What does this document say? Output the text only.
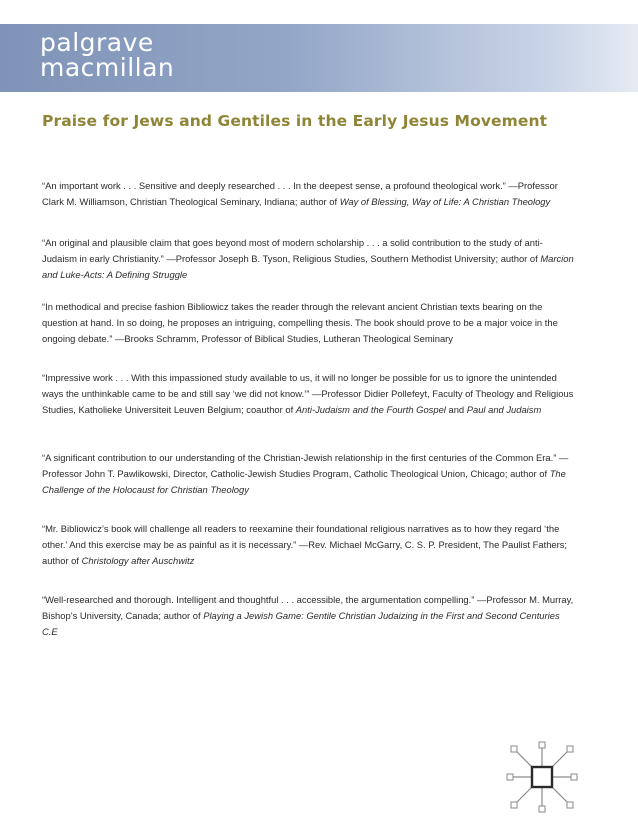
palgrave
macmillan
Praise for Jews and Gentiles in the Early Jesus Movement

“An important work . . . Sensitive and deeply researched . . . In the deepest sense, a profound theological work.” —Professor Clark M. Williamson, Christian Theological Seminary, Indiana; author of Way of Blessing, Way of Life: A Christian Theology

“An original and plausible claim that goes beyond most of modern scholarship . . . a solid contribution to the study of anti-Judaism in early Christianity.” —Professor Joseph B. Tyson, Religious Studies, Southern Methodist University; author of Marcion and Luke-Acts: A Defining Struggle

“In methodical and precise fashion Bibliowicz takes the reader through the relevant ancient Christian texts bearing on the question at hand. In so doing, he proposes an intriguing, compelling thesis. The book should prove to be a major voice in the ongoing debate.” —Brooks Schramm, Professor of Biblical Studies, Lutheran Theological Seminary

“Impressive work . . . With this impassioned study available to us, it will no longer be possible for us to ignore the unintended ways the unthinkable came to be and still say ‘we did not know.’” —Professor Didier Pollefeyt, Faculty of Theology and Religious Studies, Katholieke Universiteit Leuven Belgium; coauthor of Anti-Judaism and the Fourth Gospel and Paul and Judaism

“A significant contribution to our understanding of the Christian-Jewish relationship in the first centuries of the Common Era.” —Professor John T. Pawlikowski, Director, Catholic-Jewish Studies Program, Catholic Theological Union, Chicago; author of The Challenge of the Holocaust for Christian Theology

“Mr. Bibliowicz’s book will challenge all readers to reexamine their foundational religious narratives as to how they regard ‘the other.’ And this exercise may be as painful as it is necessary.” —Rev. Michael McGarry, C. S. P. President, The Paulist Fathers; author of Christology after Auschwitz

“Well-researched and thorough. Intelligent and thoughtful . . . accessible, the argumentation compelling.” —Professor M. Murray, Bishop’s University, Canada; author of Playing a Jewish Game: Gentile Christian Judaizing in the First and Second Centuries C.E
